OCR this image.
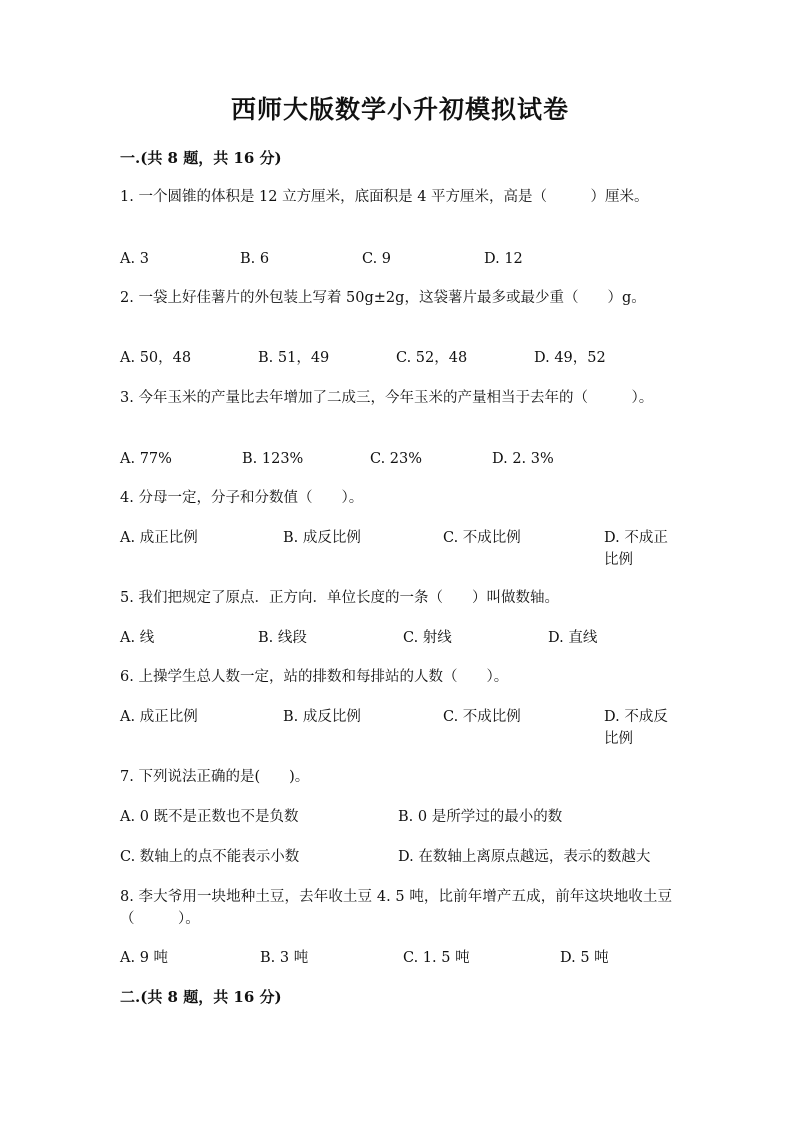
西师大版数学小升初模拟试卷
一.(共 8 题，共 16 分)
1. 一个圆锥的体积是 12 立方厘米，底面积是 4 平方厘米，高是（　　　）厘米。
A. 3	B. 6	C. 9	D. 12
2. 一袋上好佳薯片的外包装上写着 50g±2g，这袋薯片最多或最少重（　　）g。
A. 50，48	B. 51，49	C. 52，48	D. 49，52
3. 今年玉米的产量比去年增加了二成三，今年玉米的产量相当于去年的（　　　）。
A. 77%	B. 123%	C. 23%	D. 2. 3%
4. 分母一定，分子和分数值（　　）。
A. 成正比例	B. 成反比例	C. 不成比例	D. 不成正比例
5. 我们把规定了原点．正方向．单位长度的一条（　　）叫做数轴。
A. 线	B. 线段	C. 射线	D. 直线
6. 上操学生总人数一定，站的排数和每排站的人数（　　）。
A. 成正比例	B. 成反比例	C. 不成比例	D. 不成反比例
7. 下列说法正确的是(　　)。
A. 0 既不是正数也不是负数	B. 0 是所学过的最小的数
C. 数轴上的点不能表示小数	D. 在数轴上离原点越远，表示的数越大
8. 李大爷用一块地种土豆，去年收土豆 4. 5 吨，比前年增产五成，前年这块地收土豆（　　　）。
A. 9 吨	B. 3 吨	C. 1. 5 吨	D. 5 吨
二.(共 8 题，共 16 分)
